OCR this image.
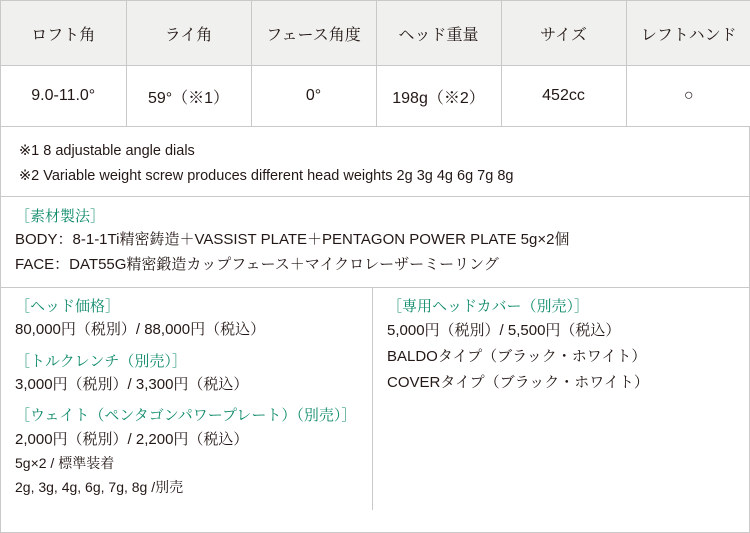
ロフト角	ライ角	フェース角度	ヘッド重量	サイズ	レフトハンド
9.0-11.0°	59°（※1）	0°	198g（※2）	452cc	○
※1 8 adjustable angle dials
※2 Variable weight screw produces different head weights 2g 3g 4g 6g 7g 8g
［素材製法］
BODY：8-1-1Ti精密鋳造＋VASSIST PLATE＋PENTAGON POWER PLATE 5g×2個
FACE：DAT55G精密鍛造カップフェース＋マイクロレーザーミーリング
［ヘッド価格］
80,000円（税別）/ 88,000円（税込）
［トルクレンチ（別売）］
3,000円（税別）/ 3,300円（税込）
［ウェイト（ペンタゴンパワープレート）（別売）］
2,000円（税別）/ 2,200円（税込）
5g×2 / 標準装着
2g, 3g, 4g, 6g, 7g, 8g /別売
［専用ヘッドカバー（別売）］
5,000円（税別）/ 5,500円（税込）
BALDOタイプ（ブラック・ホワイト）
COVERタイプ（ブラック・ホワイト）
